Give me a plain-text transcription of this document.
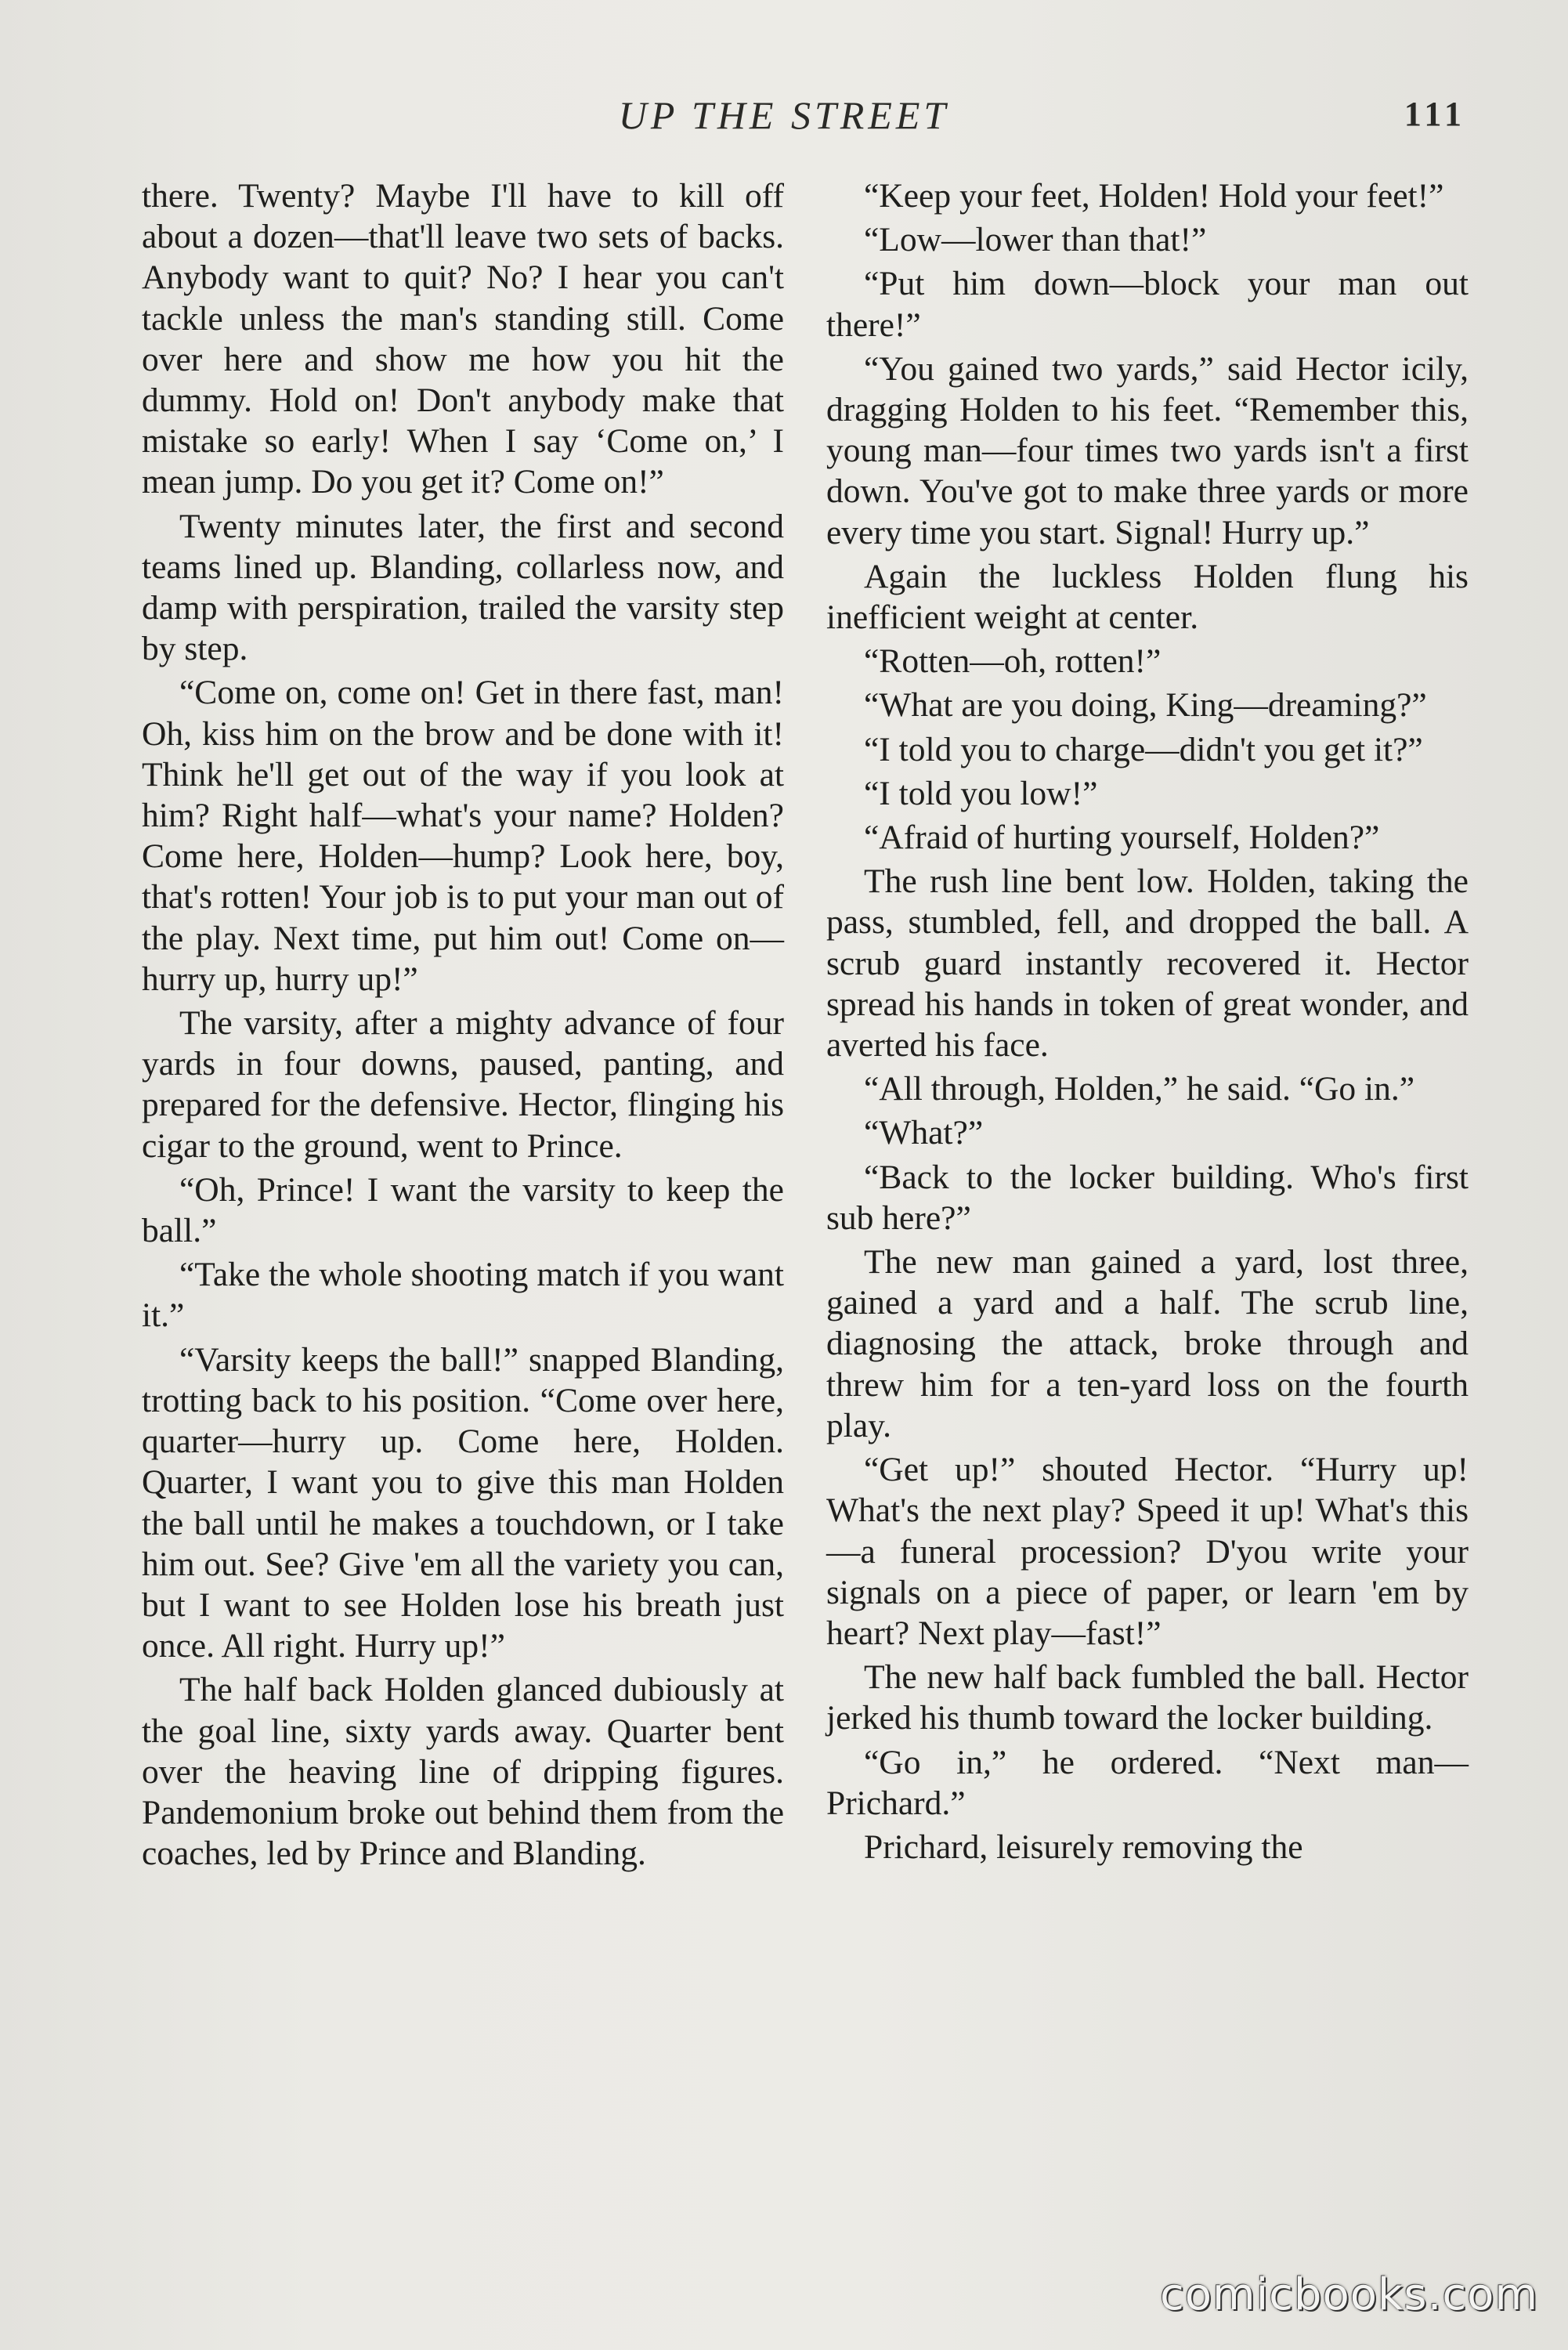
UP THE STREET	111

there. Twenty? Maybe I'll have to kill off about a dozen—that'll leave two sets of backs. Anybody want to quit? No? I hear you can't tackle unless the man's standing still. Come over here and show me how you hit the dummy. Hold on! Don't anybody make that mistake so early! When I say ‘Come on,’ I mean jump. Do you get it? Come on!”

Twenty minutes later, the first and second teams lined up. Blanding, collarless now, and damp with perspiration, trailed the varsity step by step.

“Come on, come on! Get in there fast, man! Oh, kiss him on the brow and be done with it! Think he'll get out of the way if you look at him? Right half—what's your name? Holden? Come here, Holden—hump? Look here, boy, that's rotten! Your job is to put your man out of the play. Next time, put him out! Come on—hurry up, hurry up!”

The varsity, after a mighty advance of four yards in four downs, paused, panting, and prepared for the defensive. Hector, flinging his cigar to the ground, went to Prince.

“Oh, Prince! I want the varsity to keep the ball.”

“Take the whole shooting match if you want it.”

“Varsity keeps the ball!” snapped Blanding, trotting back to his position. “Come over here, quarter—hurry up. Come here, Holden. Quarter, I want you to give this man Holden the ball until he makes a touchdown, or I take him out. See? Give 'em all the variety you can, but I want to see Holden lose his breath just once. All right. Hurry up!”

The half back Holden glanced dubiously at the goal line, sixty yards away. Quarter bent over the heaving line of dripping figures. Pandemonium broke out behind them from the coaches, led by Prince and Blanding.

“Keep your feet, Holden! Hold your feet!”

“Low—lower than that!”

“Put him down—block your man out there!”

“You gained two yards,” said Hector icily, dragging Holden to his feet. “Remember this, young man—four times two yards isn't a first down. You've got to make three yards or more every time you start. Signal! Hurry up.”

Again the luckless Holden flung his inefficient weight at center.

“Rotten—oh, rotten!”

“What are you doing, King—dreaming?”

“I told you to charge—didn't you get it?”

“I told you low!”

“Afraid of hurting yourself, Holden?”

The rush line bent low. Holden, taking the pass, stumbled, fell, and dropped the ball. A scrub guard instantly recovered it. Hector spread his hands in token of great wonder, and averted his face.

“All through, Holden,” he said. “Go in.”

“What?”

“Back to the locker building. Who's first sub here?”

The new man gained a yard, lost three, gained a yard and a half. The scrub line, diagnosing the attack, broke through and threw him for a ten-yard loss on the fourth play.

“Get up!” shouted Hector. “Hurry up! What's the next play? Speed it up! What's this—a funeral procession? D'you write your signals on a piece of paper, or learn 'em by heart? Next play—fast!”

The new half back fumbled the ball. Hector jerked his thumb toward the locker building.

“Go in,” he ordered. “Next man—Prichard.”

Prichard, leisurely removing the

comicbooks.com
